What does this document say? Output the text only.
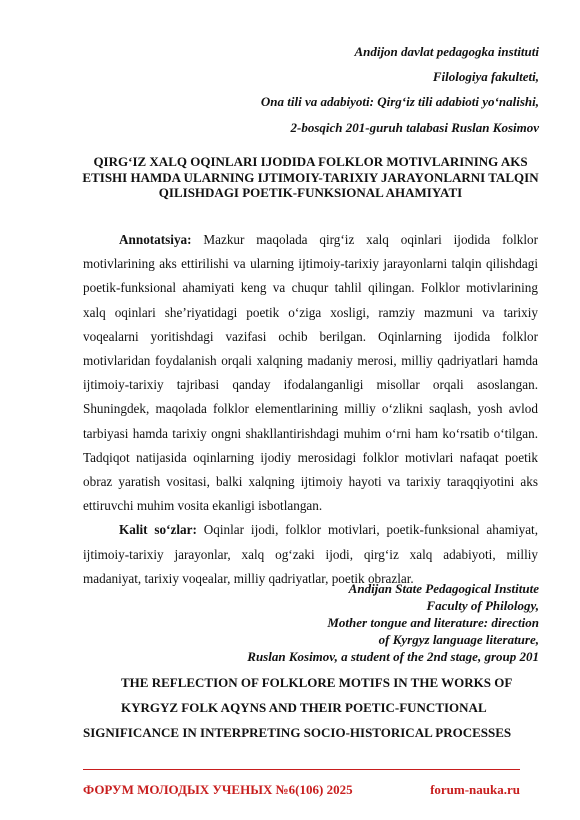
Andijon davlat pedagogka instituti
Filologiya fakulteti,
Ona tili va adabiyoti: Qirg‘iz tili adabioti yo‘nalishi,
2-bosqich 201-guruh talabasi Ruslan Kosimov
QIRG‘IZ XALQ OQINLARI IJODIDA FOLKLOR MOTIVLARINING AKS ETISHI HAMDA ULARNING IJTIMOIY-TARIXIY JARAYONLARNI TALQIN QILISHDAGI POETIK-FUNKSIONAL AHAMIYATI

Annotatsiya: Mazkur maqolada qirg‘iz xalq oqinlari ijodida folklor motivlarining aks ettirilishi va ularning ijtimoiy-tarixiy jarayonlarni talqin qilishdagi poetik-funksional ahamiyati keng va chuqur tahlil qilingan. Folklor motivlarining xalq oqinlari she’riyatidagi poetik o‘ziga xosligi, ramziy mazmuni va tarixiy voqealarni yoritishdagi vazifasi ochib berilgan. Oqinlarning ijodida folklor motivlaridan foydalanish orqali xalqning madaniy merosi, milliy qadriyatlari hamda ijtimoiy-tarixiy tajribasi qanday ifodalanganligi misollar orqali asoslangan. Shuningdek, maqolada folklor elementlarining milliy o‘zlikni saqlash, yosh avlod tarbiyasi hamda tarixiy ongni shakllantirishdagi muhim o‘rni ham ko‘rsatib o‘tilgan. Tadqiqot natijasida oqinlarning ijodiy merosidagi folklor motivlari nafaqat poetik obraz yaratish vositasi, balki xalqning ijtimoiy hayoti va tarixiy taraqqiyotini aks ettiruvchi muhim vosita ekanligi isbotlangan.

Kalit so‘zlar: Oqinlar ijodi, folklor motivlari, poetik-funksional ahamiyat, ijtimoiy-tarixiy jarayonlar, xalq og‘zaki ijodi, qirg‘iz xalq adabiyoti, milliy madaniyat, tarixiy voqealar, milliy qadriyatlar, poetik obrazlar.

Andijan State Pedagogical Institute
Faculty of Philology,
Mother tongue and literature: direction
of Kyrgyz language literature,
Ruslan Kosimov, a student of the 2nd stage, group 201
THE REFLECTION OF FOLKLORE MOTIFS IN THE WORKS OF
KYRGYZ FOLK AQYNS AND THEIR POETIC-FUNCTIONAL
SIGNIFICANCE IN INTERPRETING SOCIO-HISTORICAL PROCESSES
ФОРУМ МОЛОДЫХ УЧЕНЫХ №6(106) 2025	forum-nauka.ru
